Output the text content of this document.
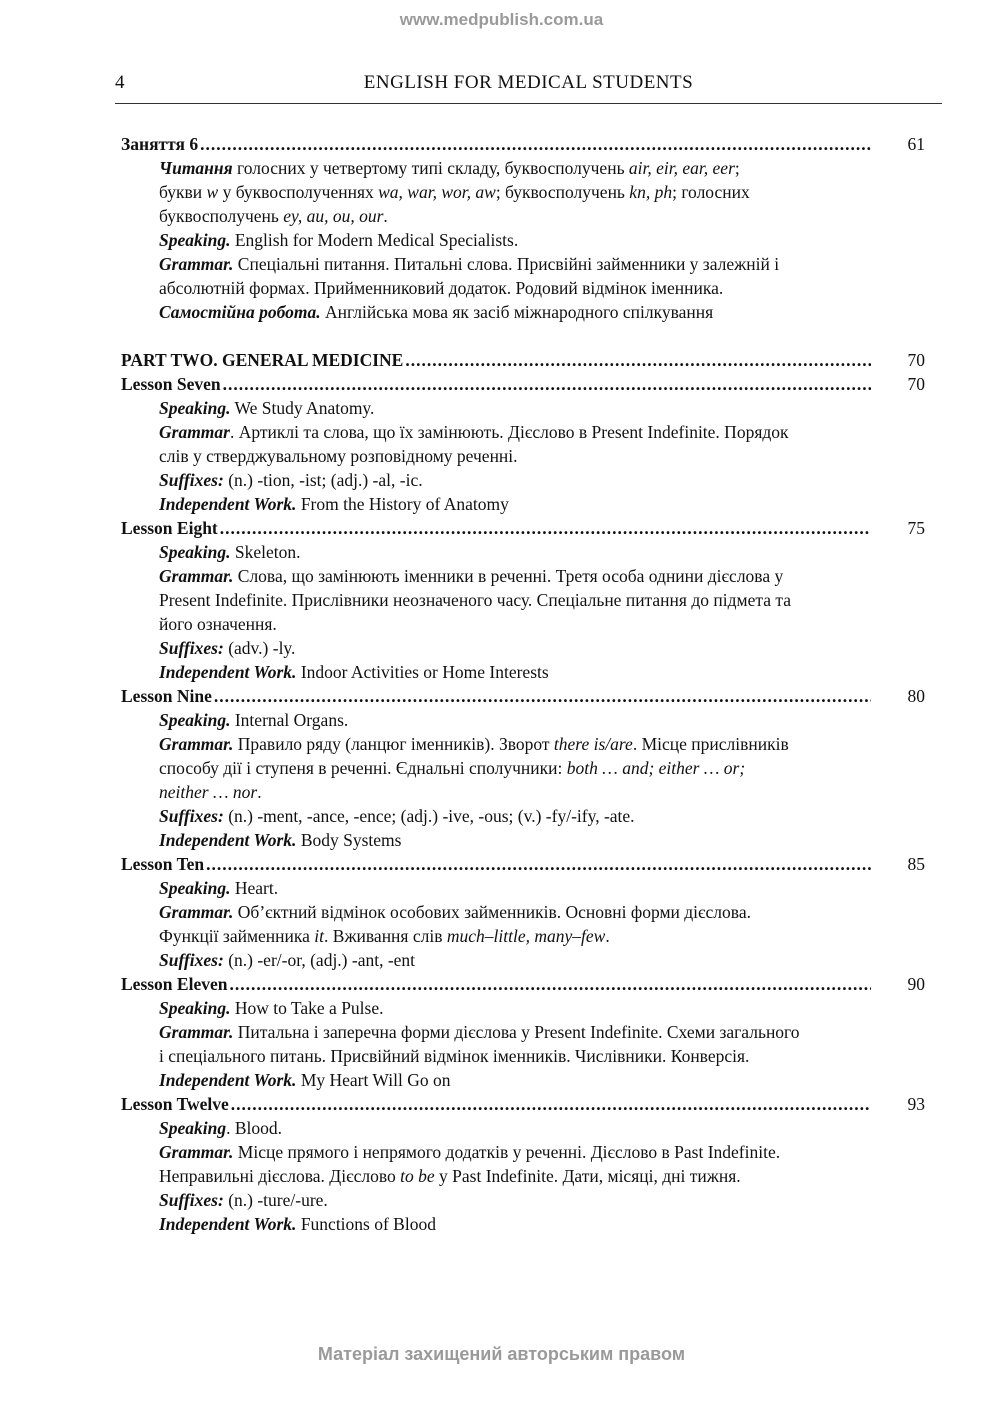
www.medpublish.com.ua
4	ENGLISH FOR MEDICAL STUDENTS
Заняття 6 .....	61

Читання голосних у четвертому типі складу, буквосполучень air, eir, ear, eer;

букви w у буквосполученнях wa, war, wor, aw; буквосполучень kn, ph; голосних

буквосполучень ey, au, ou, our.

Speaking. English for Modern Medical Specialists.

Grammar. Спеціальні питання. Питальні слова. Присвійні займенники у залежній і

абсолютній формах. Прийменниковий додаток. Родовий відмінок іменника.

Самостійна робота. Англійська мова як засіб міжнародного спілкування

PART TWO. GENERAL MEDICINE .....	70
Lesson Seven .....	70

Speaking. We Study Anatomy.

Grammar. Артиклі та слова, що їх замінюють. Дієслово в Present Indefinite. Порядок

слів у стверджувальному розповідному реченні.

Suffixes: (n.) -tion, -ist; (adj.) -al, -ic.

Independent Work. From the History of Anatomy

Lesson Eight .....	75

Speaking. Skeleton.

Grammar. Слова, що замінюють іменники в реченні. Третя особа однини дієслова у

Present Indefinite. Прислівники неозначеного часу. Спеціальне питання до підмета та

його означення.

Suffixes: (adv.) -ly.

Independent Work. Indoor Activities or Home Interests

Lesson Nine .....	80

Speaking. Internal Organs.

Grammar. Правило ряду (ланцюг іменників). Зворот there is/are. Місце прислівників

способу дії і ступеня в реченні. Єднальні сполучники: both … and; either … or;

neither … nor.

Suffixes: (n.) -ment, -ance, -ence; (adj.) -ive, -ous; (v.) -fy/-ify, -ate.

Independent Work. Body Systems

Lesson Ten .....	85

Speaking. Heart.

Grammar. Об’єктний відмінок особових займенників. Основні форми дієслова.

Функції займенника it. Вживання слів much–little, many–few.

Suffixes: (n.) -er/-or, (adj.) -ant, -ent

Lesson Eleven .....	90

Speaking. How to Take a Pulse.

Grammar. Питальна і заперечна форми дієслова у Present Indefinite. Схеми загального

і спеціального питань. Присвійний відмінок іменників. Числівники. Конверсія.

Independent Work. My Heart Will Go on

Lesson Twelve .....	93

Speaking. Blood.

Grammar. Місце прямого і непрямого додатків у реченні. Дієслово в Past Indefinite.

Неправильні дієслова. Дієслово to be у Past Indefinite. Дати, місяці, дні тижня.

Suffixes: (n.) -ture/-ure.

Independent Work. Functions of Blood

Матеріал захищений авторським правом
